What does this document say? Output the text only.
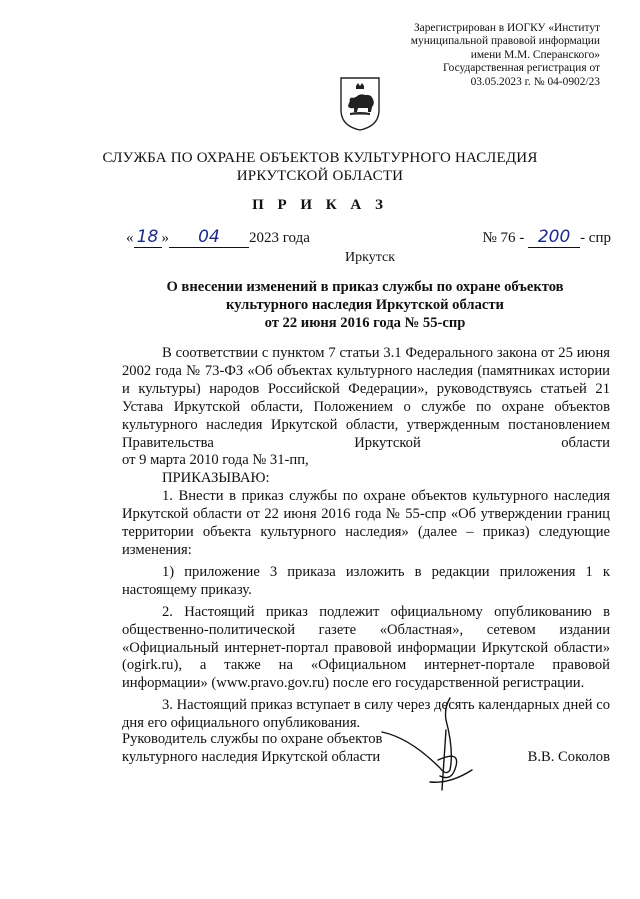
Зарегистрирован в ИОГКУ «Институт
муниципальной правовой информации
имени М.М. Сперанского»
Государственная регистрация от
03.05.2023 г. № 04-0902/23
СЛУЖБА ПО ОХРАНЕ ОБЪЕКТОВ КУЛЬТУРНОГО НАСЛЕДИЯ
ИРКУТСКОЙ ОБЛАСТИ
П Р И К А З
« 18 » 04 2023 года	№ 76 - 200 - спр
Иркутск
О внесении изменений в приказ службы по охране объектов
культурного наследия Иркутской области
от 22 июня 2016 года № 55-спр

В соответствии с пунктом 7 статьи 3.1 Федерального закона от 25 июня 2002 года № 73-ФЗ «Об объектах культурного наследия (памятниках истории и культуры) народов Российской Федерации», руководствуясь статьей 21 Устава Иркутской области, Положением о службе по охране объектов культурного наследия Иркутской области, утвержденным постановлением Правительства Иркутской области

от 9 марта 2010 года № 31-пп,

ПРИКАЗЫВАЮ:

1. Внести в приказ службы по охране объектов культурного наследия Иркутской области от 22 июня 2016 года № 55-спр «Об утверждении границ территории объекта культурного наследия» (далее – приказ) следующие изменения:

1) приложение 3 приказа изложить в редакции приложения 1 к настоящему приказу.

2. Настоящий приказ подлежит официальному опубликованию в общественно-политической газете «Областная», сетевом издании «Официальный интернет-портал правовой информации Иркутской области» (ogirk.ru), а также на «Официальном интернет-портале правовой информации» (www.pravo.gov.ru) после его государственной регистрации.

3. Настоящий приказ вступает в силу через десять календарных дней со дня его официального опубликования.

Руководитель службы по охране объектов
культурного наследия Иркутской области	В.В. Соколов
